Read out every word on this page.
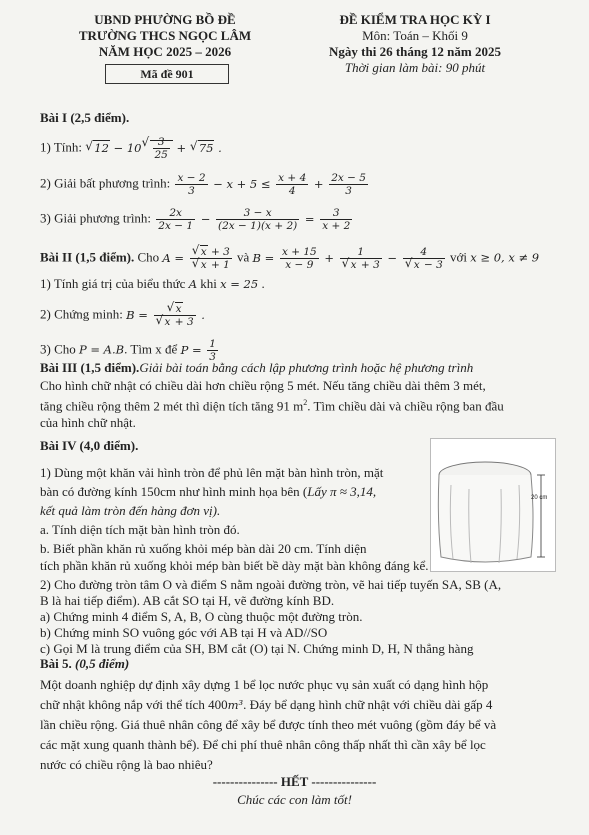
UBND PHƯỜNG BỒ ĐỀ
TRƯỜNG THCS NGỌC LÂM
NĂM HỌC 2025 – 2026
Mã đề 901
ĐỀ KIỂM TRA HỌC KỲ I
Môn: Toán – Khối 9
Ngày thi 26 tháng 12 năm 2025
Thời gian làm bài: 90 phút
Bài I (2,5 điểm).
1) Tính: √ 12 − 10 √ $\frac{3}{25}$ + √ 75 .
2) Giải bất phương trình: $\frac{x - 2}{3} - x + 5 \le \frac{x + 4}{4} + \frac{2x - 5}{3}$
3) Giải phương trình: $\frac{2x}{2x - 1} - \frac{3 - x}{(2x - 1)(x + 2)} = \frac{3}{x + 2}$
Bài II (1,5 điểm). Cho A = √ x + 3
√ x + 1 và $B = \frac{x + 15}{x - 9} + 1$
√ x + 3 − 4
√ x − 3 với x ≥ 0, x ≠ 9
1) Tính giá trị của biểu thức A khi x = 25 .
2) Chứng minh: B = √ x
√ x + 3 .
3) Cho P = A.B. Tìm x để $P = \frac{1}{3}$
Bài III (1,5 điểm).Giải bài toán bằng cách lập phương trình hoặc hệ phương trình
Cho hình chữ nhật có chiều dài hơn chiều rộng 5 mét. Nếu tăng chiều dài thêm 3 mét,
tăng chiều rộng thêm 2 mét thì diện tích tăng 91 $m^2$. Tìm chiều dài và chiều rộng ban đầu
của hình chữ nhật.
Bài IV (4,0 điểm).
1) Dùng một khăn vải hình tròn để phủ lên mặt bàn hình tròn, mặt
bàn có đường kính 150cm như hình minh họa bên (Lấy π ≈ 3,14,
kết quả làm tròn đến hàng đơn vị).
a. Tính diện tích mặt bàn hình tròn đó.
b. Biết phần khăn rủ xuống khỏi mép bàn dài 20 cm. Tính diện
tích phần khăn rủ xuống khỏi mép bàn biết bề dày mặt bàn không đáng kể.
20 cm
2) Cho đường tròn tâm O và điểm S nằm ngoài đường tròn, vẽ hai tiếp tuyến SA, SB (A,
B là hai tiếp điểm). AB cắt SO tại H, vẽ đường kính BD.
a) Chứng minh 4 điểm S, A, B, O cùng thuộc một đường tròn.
b) Chứng minh SO vuông góc với AB tại H và AD//SO
c) Gọi M là trung điểm của SH, BM cắt (O) tại N. Chứng minh D, H, N thẳng hàng
Bài 5. (0,5 điểm)
Một doanh nghiệp dự định xây dựng 1 bể lọc nước phục vụ sản xuất có dạng hình hộp
chữ nhật không nắp với thể tích 400m³. Đáy bể dạng hình chữ nhật với chiều dài gấp 4
lần chiều rộng. Giá thuê nhân công để xây bể được tính theo mét vuông (gồm đáy bể và
các mặt xung quanh thành bể). Để chi phí thuê nhân công thấp nhất thì cần xây bể lọc
nước có chiều rộng là bao nhiêu?
--------------- HẾT ---------------
Chúc các con làm tốt!
